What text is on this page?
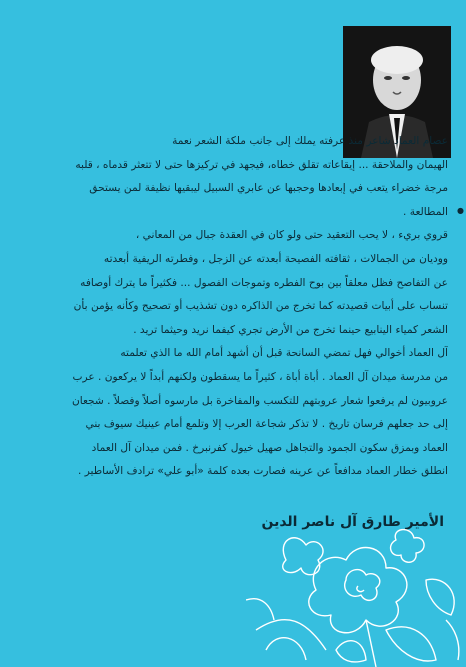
عصام العماد شاعر منذ عرفته يملك إلى جانب ملكة الشعر نعمة
الهيمان والملاحقة ... إيقاعاته تقلق خطاه، فيجهد في تركيزها حتى لا تتعثر قدماه ، قلبه
مرجة خضراء يتعب في إبعادها وحجبها عن عابري السبيل ليبقيها نظيفة لمن يستحق
المطالعة .
قروي بريء ، لا يحب التعقيد حتى ولو كان في العقدة جبال من المعاني ،
ووديان من الجمالات ، ثقافته الفصيحة أبعدته عن الزجل ، وفطرته الريفية أبعدته
عن التفاصح فظل معلقاً بين بوح الفطره وتموجات الفصول ... فكثيراً ما يترك أوصافه
تنساب على أبيات قصيدته كما تخرج من الذاكره دون تشذيب أو تصحيح وكأنه يؤمن بأن
الشعر كمياء الينابيع حينما تخرج من الأرض تجري كيفما نريد وحيثما تريد .
آل العماد أخوالي فهل تمضي السانحة قبل أن أشهد أمام الله ما الذي تعلمته
من مدرسة ميدان آل العماد . أباة أباة ، كثيراً ما يسقطون ولكنهم أبداً لا يركعون . عرب
عروبيون لم يرفعوا شعار عروبتهم للتكسب والمفاخرة بل مارسوه أصلاً وفصلاً . شجعان
إلى حد جعلهم فرسان تاريخ . لا تذكر شجاعة العرب إلا وتلمع أمام عينيك سيوف بني
العماد وبمزق سكون الجمود والتجاهل صهيل خيول كفرنبرخ . فمن ميدان آل العماد
انطلق خطار العماد مدافعاً عن عرينه فصارت بعده كلمة «أبو علي» ترادف الأساطير .
الأمير طارق آل ناصر الدين
●
